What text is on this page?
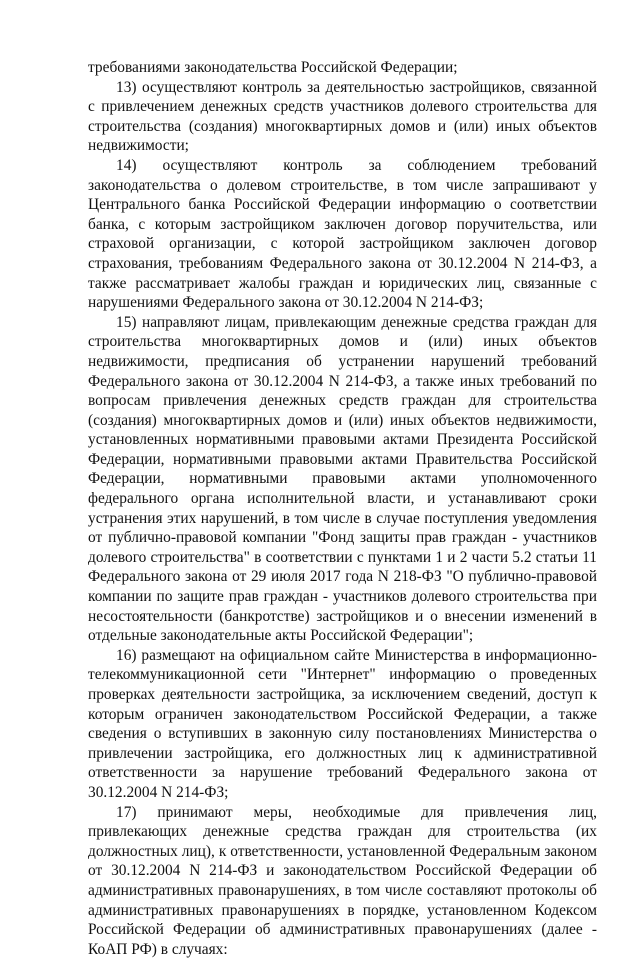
требованиями законодательства Российской Федерации;

13) осуществляют контроль за деятельностью застройщиков, связанной с привлечением денежных средств участников долевого строительства для строительства (создания) многоквартирных домов и (или) иных объектов недвижимости;

14) осуществляют контроль за соблюдением требований законодательства о долевом строительстве, в том числе запрашивают у Центрального банка Российской Федерации информацию о соответствии банка, с которым застройщиком заключен договор поручительства, или страховой организации, с которой застройщиком заключен договор страхования, требованиям Федерального закона от 30.12.2004 N 214-ФЗ, а также рассматривает жалобы граждан и юридических лиц, связанные с нарушениями Федерального закона от 30.12.2004 N 214-ФЗ;

15) направляют лицам, привлекающим денежные средства граждан для строительства многоквартирных домов и (или) иных объектов недвижимости, предписания об устранении нарушений требований Федерального закона от 30.12.2004 N 214-ФЗ, а также иных требований по вопросам привлечения денежных средств граждан для строительства (создания) многоквартирных домов и (или) иных объектов недвижимости, установленных нормативными правовыми актами Президента Российской Федерации, нормативными правовыми актами Правительства Российской Федерации, нормативными правовыми актами уполномоченного федерального органа исполнительной власти, и устанавливают сроки устранения этих нарушений, в том числе в случае поступления уведомления от публично-правовой компании "Фонд защиты прав граждан - участников долевого строительства" в соответствии с пунктами 1 и 2 части 5.2 статьи 11 Федерального закона от 29 июля 2017 года N 218-ФЗ "О публично-правовой компании по защите прав граждан - участников долевого строительства при несостоятельности (банкротстве) застройщиков и о внесении изменений в отдельные законодательные акты Российской Федерации";

16) размещают на официальном сайте Министерства в информационно-телекоммуникационной сети "Интернет" информацию о проведенных проверках деятельности застройщика, за исключением сведений, доступ к которым ограничен законодательством Российской Федерации, а также сведения о вступивших в законную силу постановлениях Министерства о привлечении застройщика, его должностных лиц к административной ответственности за нарушение требований Федерального закона от 30.12.2004 N 214-ФЗ;

17) принимают меры, необходимые для привлечения лиц, привлекающих денежные средства граждан для строительства (их должностных лиц), к ответственности, установленной Федеральным законом от 30.12.2004 N 214-ФЗ и законодательством Российской Федерации об административных правонарушениях, в том числе составляют протоколы об административных правонарушениях в порядке, установленном Кодексом Российской Федерации об административных правонарушениях (далее - КоАП РФ) в случаях:
